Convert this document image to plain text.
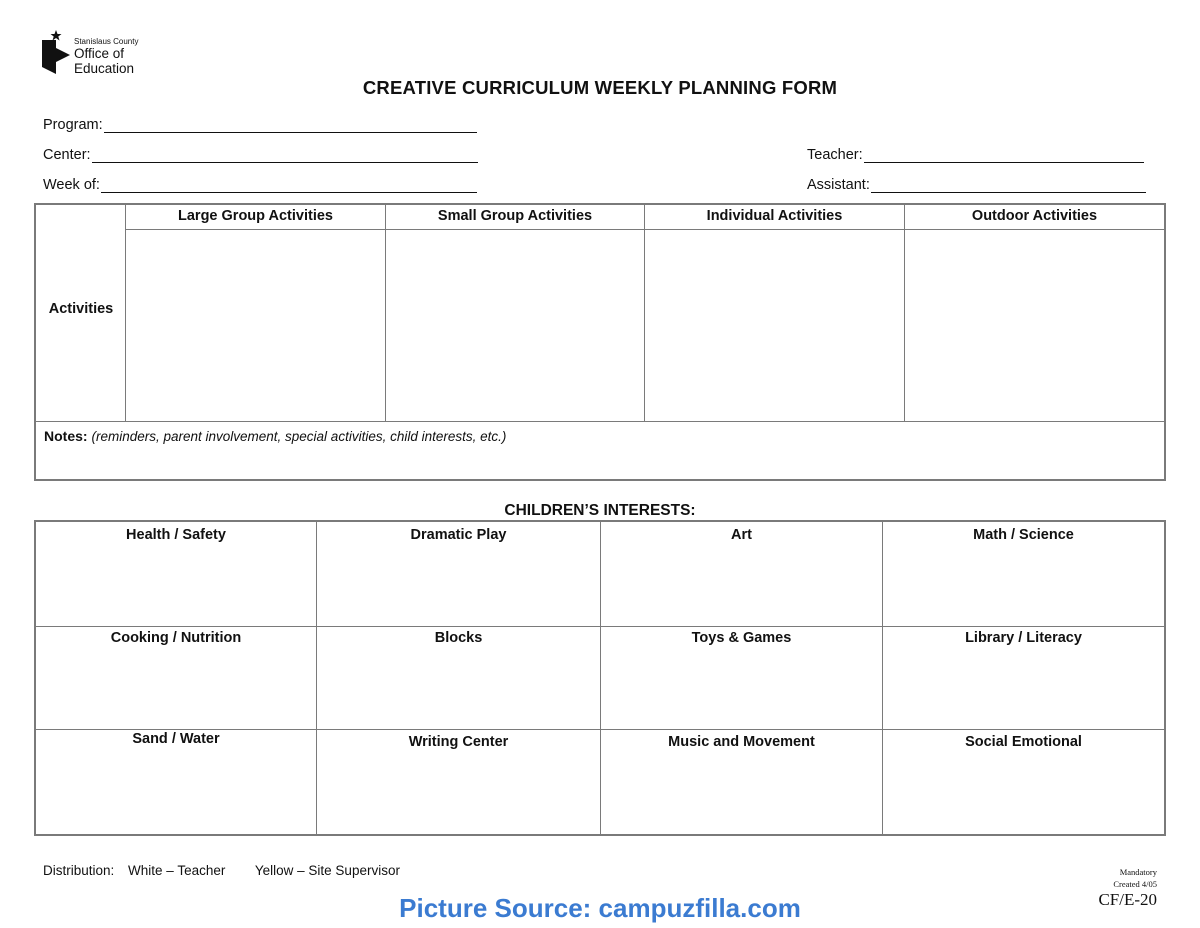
Stanislaus County
Office of
Education
CREATIVE CURRICULUM WEEKLY PLANNING FORM
Program:
Center:
Week of:
Teacher:
Assistant:
Activities
Large Group Activities	Small Group Activities	Individual Activities	Outdoor Activities
Notes: (reminders, parent involvement, special activities, child interests, etc.)
CHILDREN’S INTERESTS:
Health / Safety	Dramatic Play	Art	Math / Science
Cooking / Nutrition	Blocks	Toys & Games	Library / Literacy
Sand / Water	Writing Center	Music and Movement	Social Emotional
Distribution: White – Teacher Yellow – Site Supervisor	Mandatory
Created 4/05
CF/E-20
Picture Source: campuzfilla.com
